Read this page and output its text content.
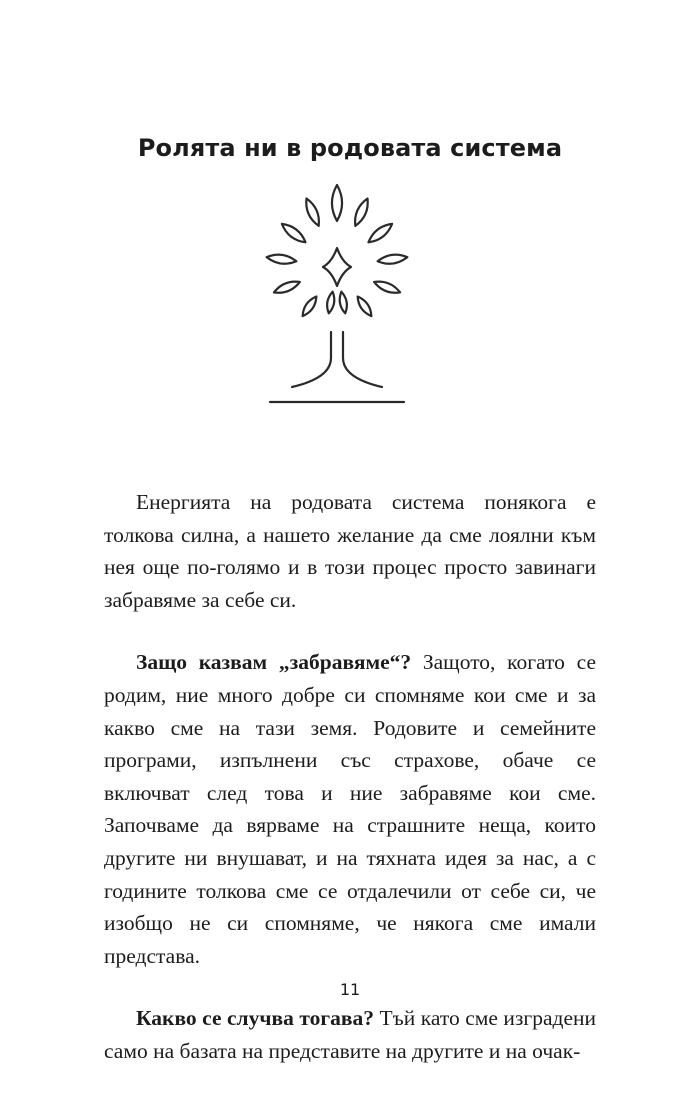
Ролята ни в родовата система

Енергията на родовата система понякога е толкова силна, а нашето желание да сме лоялни към нея още по-голямо и в този процес просто завинаги забравяме за себе си.

Защо казвам „забравяме“? Защото, когато се родим, ние много добре си спомняме кои сме и за какво сме на тази земя. Родовите и семейните програми, изпълнени със страхове, обаче се включват след това и ние забравяме кои сме. Започваме да вярваме на страшните неща, които другите ни внушават, и на тяхната идея за нас, а с годините толкова сме се отдалечили от себе си, че изобщо не си спомняме, че някога сме имали представа.

Какво се случва тогава? Тъй като сме изградени само на базата на представите на другите и на очак-

11
